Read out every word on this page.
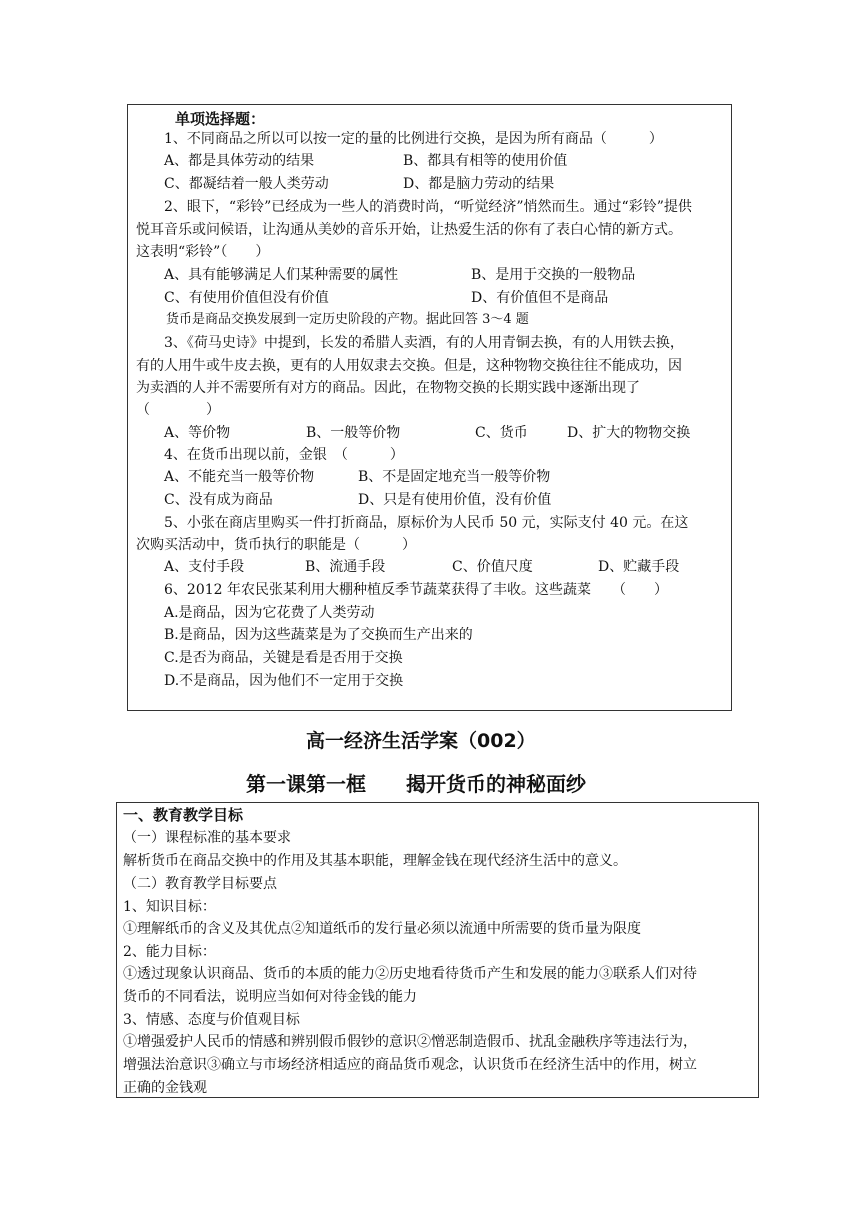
单项选择题：
1、不同商品之所以可以按一定的量的比例进行交换，是因为所有商品（　　　）
A、都是具体劳动的结果	B、都具有相等的使用价值
C、都凝结着一般人类劳动	D、都是脑力劳动的结果
2、眼下，“彩铃”已经成为一些人的消费时尚，“听觉经济”悄然而生。通过“彩铃”提供
悦耳音乐或问候语，让沟通从美妙的音乐开始，让热爱生活的你有了表白心情的新方式。
这表明“彩铃”（　　）
A、具有能够满足人们某种需要的属性	B、是用于交换的一般物品
C、有使用价值但没有价值	D、有价值但不是商品
货币是商品交换发展到一定历史阶段的产物。据此回答 3～4 题
3、《荷马史诗》中提到，长发的希腊人卖酒，有的人用青铜去换，有的人用铁去换，
有的人用牛或牛皮去换，更有的人用奴隶去交换。但是，这种物物交换往往不能成功，因
为卖酒的人并不需要所有对方的商品。因此，在物物交换的长期实践中逐渐出现了
（　　　　）
A、等价物	B、一般等价物	C、货币	D、扩大的物物交换
4、在货币出现以前，金银　（　　　）
A、不能充当一般等价物	B、不是固定地充当一般等价物
C、没有成为商品	D、只是有使用价值，没有价值
5、小张在商店里购买一件打折商品，原标价为人民币 50 元，实际支付 40 元。在这
次购买活动中，货币执行的职能是（　　　）
A、支付手段	B、流通手段	C、价值尺度	D、贮藏手段
6、2012 年农民张某利用大棚种植反季节蔬菜获得了丰收。这些蔬菜　　（　　）
A.是商品，因为它花费了人类劳动
B.是商品，因为这些蔬菜是为了交换而生产出来的
C.是否为商品，关键是看是否用于交换
D.不是商品，因为他们不一定用于交换
高一经济生活学案（002）
第一课第一框　　揭开货币的神秘面纱
一、教育教学目标
（一）课程标准的基本要求
解析货币在商品交换中的作用及其基本职能，理解金钱在现代经济生活中的意义。
（二）教育教学目标要点
1、知识目标：
①理解纸币的含义及其优点②知道纸币的发行量必须以流通中所需要的货币量为限度
2、能力目标：
①透过现象认识商品、货币的本质的能力②历史地看待货币产生和发展的能力③联系人们对待
货币的不同看法，说明应当如何对待金钱的能力
3、情感、态度与价值观目标
①增强爱护人民币的情感和辨别假币假钞的意识②憎恶制造假币、扰乱金融秩序等违法行为，
增强法治意识③确立与市场经济相适应的商品货币观念，认识货币在经济生活中的作用，树立
正确的金钱观
